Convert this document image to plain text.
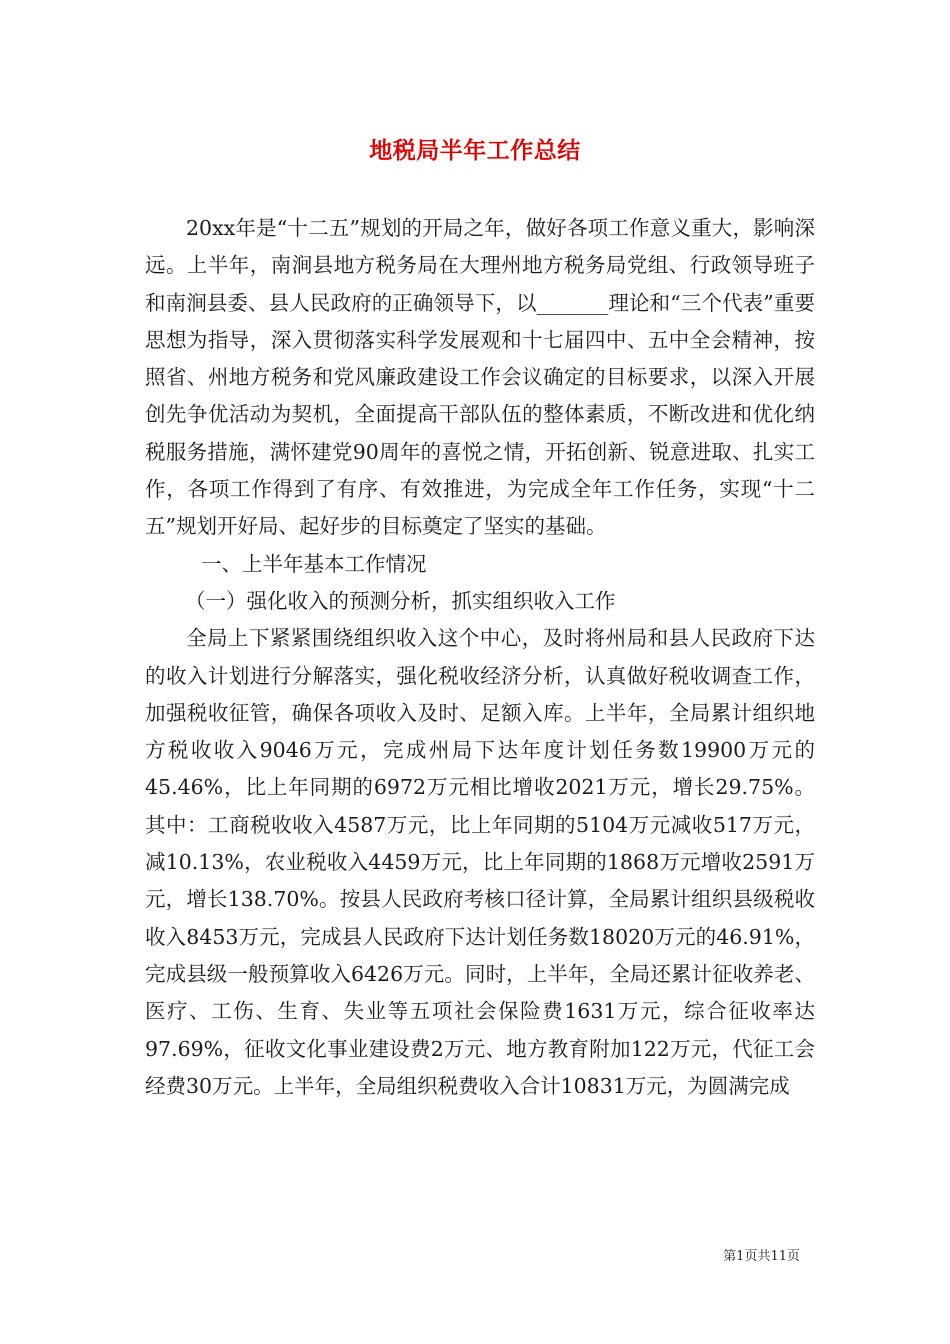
地税局半年工作总结

20xx年是“十二五”规划的开局之年，做好各项工作意义重大，影响深远。上半年，南涧县地方税务局在大理州地方税务局党组、行政领导班子和南涧县委、县人民政府的正确领导下，以_______理论和“三个代表”重要思想为指导，深入贯彻落实科学发展观和十七届四中、五中全会精神，按照省、州地方税务和党风廉政建设工作会议确定的目标要求，以深入开展创先争优活动为契机，全面提高干部队伍的整体素质，不断改进和优化纳税服务措施，满怀建党90周年的喜悦之情，开拓创新、锐意进取、扎实工作，各项工作得到了有序、有效推进，为完成全年工作任务，实现“十二五”规划开好局、起好步的目标奠定了坚实的基础。

一、上半年基本工作情况

（一）强化收入的预测分析，抓实组织收入工作

全局上下紧紧围绕组织收入这个中心，及时将州局和县人民政府下达的收入计划进行分解落实，强化税收经济分析，认真做好税收调查工作，加强税收征管，确保各项收入及时、足额入库。上半年，全局累计组织地方税收收入9046万元，完成州局下达年度计划任务数19900万元的45.46%，比上年同期的6972万元相比增收2021万元，增长29.75%。其中：工商税收收入4587万元，比上年同期的5104万元减收517万元，减10.13%，农业税收入4459万元，比上年同期的1868万元增收2591万元，增长138.70%。按县人民政府考核口径计算，全局累计组织县级税收收入8453万元，完成县人民政府下达计划任务数18020万元的46.91%，完成县级一般预算收入6426万元。同时，上半年，全局还累计征收养老、医疗、工伤、生育、失业等五项社会保险费1631万元，综合征收率达97.69%，征收文化事业建设费2万元、地方教育附加122万元，代征工会经费30万元。上半年，全局组织税费收入合计10831万元，为圆满完成

第1页共11页
